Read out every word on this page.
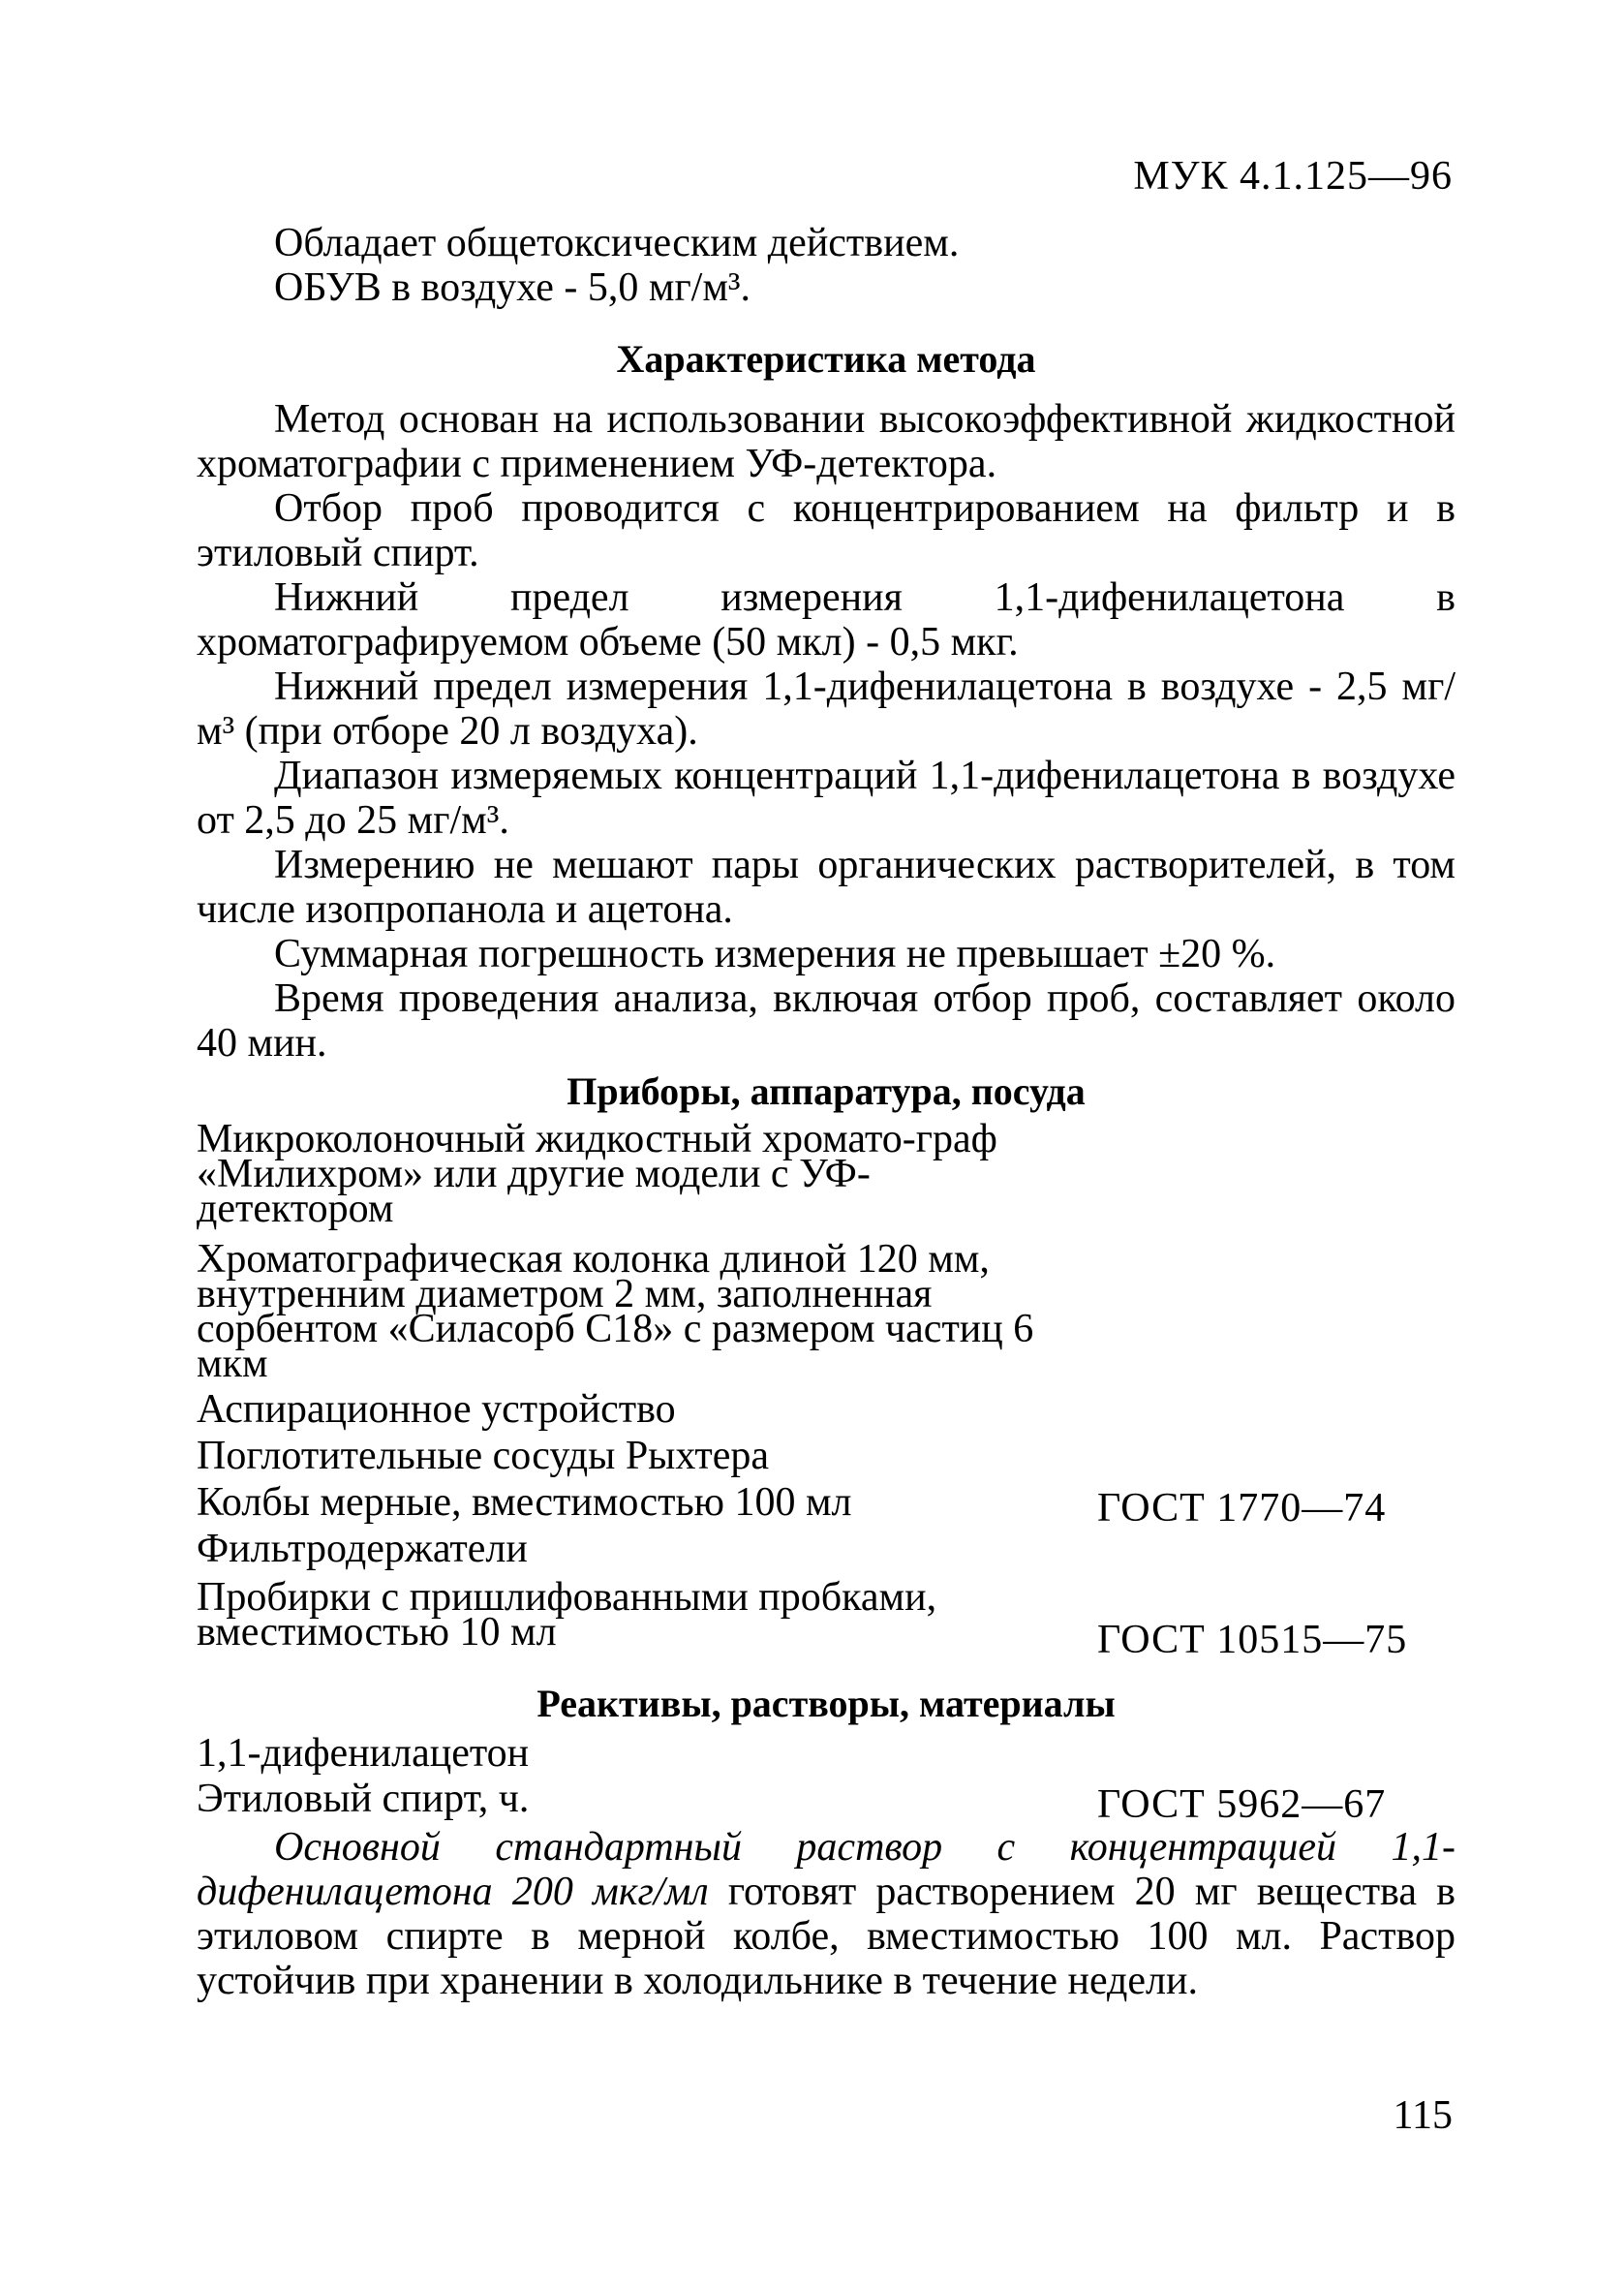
МУК 4.1.125—96

Обладает общетоксическим действием.

ОБУВ в воздухе - 5,0 мг/м³.

Характеристика метода

Метод основан на использовании высокоэффективной жидкостной хроматографии с применением УФ-детектора.

Отбор проб проводится с концентрированием на фильтр и в этиловый спирт.

Нижний предел измерения 1,1-дифенилацетона в хроматографируемом объеме (50 мкл) - 0,5 мкг.

Нижний предел измерения 1,1-дифенилацетона в воздухе - 2,5 мг/м³ (при отборе 20 л воздуха).

Диапазон измеряемых концентраций 1,1-дифенилацетона в воздухе от 2,5 до 25 мг/м³.

Измерению не мешают пары органических растворителей, в том числе изопропанола и ацетона.

Суммарная погрешность измерения не превышает ±20 %.

Время проведения анализа, включая отбор проб, составляет около 40 мин.

Приборы, аппаратура, посуда
Микроколоночный жидкостный хромато-граф «Милихром» или другие модели с УФ-детектором
Хроматографическая колонка длиной 120 мм, внутренним диаметром 2 мм, заполненная сорбентом «Силасорб С18» с размером частиц 6 мкм
Аспирационное устройство
Поглотительные сосуды Рыхтера
Колбы мерные, вместимостью 100 мл	ГОСТ 1770—74
Фильтродержатели
Пробирки с пришлифованными пробками, вместимостью 10 мл	ГОСТ 10515—75
Реактивы, растворы, материалы
1,1-дифенилацетон
Этиловый спирт, ч.	ГОСТ 5962—67

Основной стандартный раствор с концентрацией 1,1-дифенилацетона 200 мкг/мл готовят растворением 20 мг вещества в этиловом спирте в мерной колбе, вместимостью 100 мл. Раствор устойчив при хранении в холодильнике в течение недели.

115
